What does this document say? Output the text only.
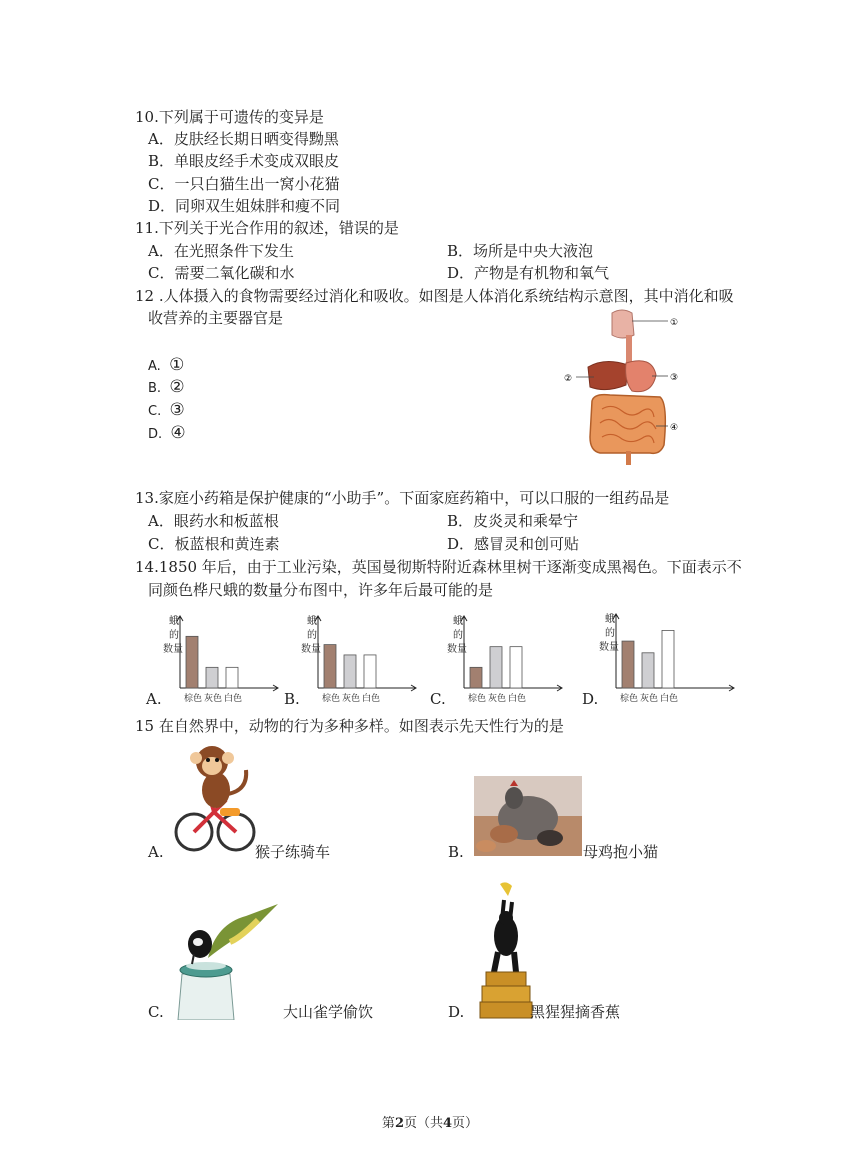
10.下列属于可遗传的变异是
A．皮肤经长期日晒变得黝黑
B．单眼皮经手术变成双眼皮
C．一只白猫生出一窝小花猫
D．同卵双生姐妹胖和瘦不同
11.下列关于光合作用的叙述，错误的是
A．在光照条件下发生	B．场所是中央大液泡
C．需要二氧化碳和水	D．产物是有机物和氧气
12 .人体摄入的食物需要经过消化和吸收。如图是人体消化系统结构示意图，其中消化和吸
收营养的主要器官是
A. ①
B. ②
C. ③
D. ④
①
②	③
④
13.家庭小药箱是保护健康的“小助手”。下面家庭药箱中，可以口服的一组药品是
A．眼药水和板蓝根	B．皮炎灵和乘晕宁
C．板蓝根和黄连素	D．感冒灵和创可贴
14.1850 年后，由于工业污染，英国曼彻斯特附近森林里树干逐渐变成黑褐色。下面表示不
同颜色桦尺蛾的数量分布图中，许多年后最可能的是
A.	B.	C.	D.
蛾的数量
棕色 灰色 白色
蛾的数量
棕色 灰色 白色
蛾的数量
棕色 灰色 白色
蛾的数量
棕色 灰色 白色
15 在自然界中，动物的行为多种多样。如图表示先天性行为的是
A.	猴子练骑车	B.	母鸡抱小猫
C.	大山雀学偷饮	D.	黑猩猩摘香蕉
第2页（共4页）
